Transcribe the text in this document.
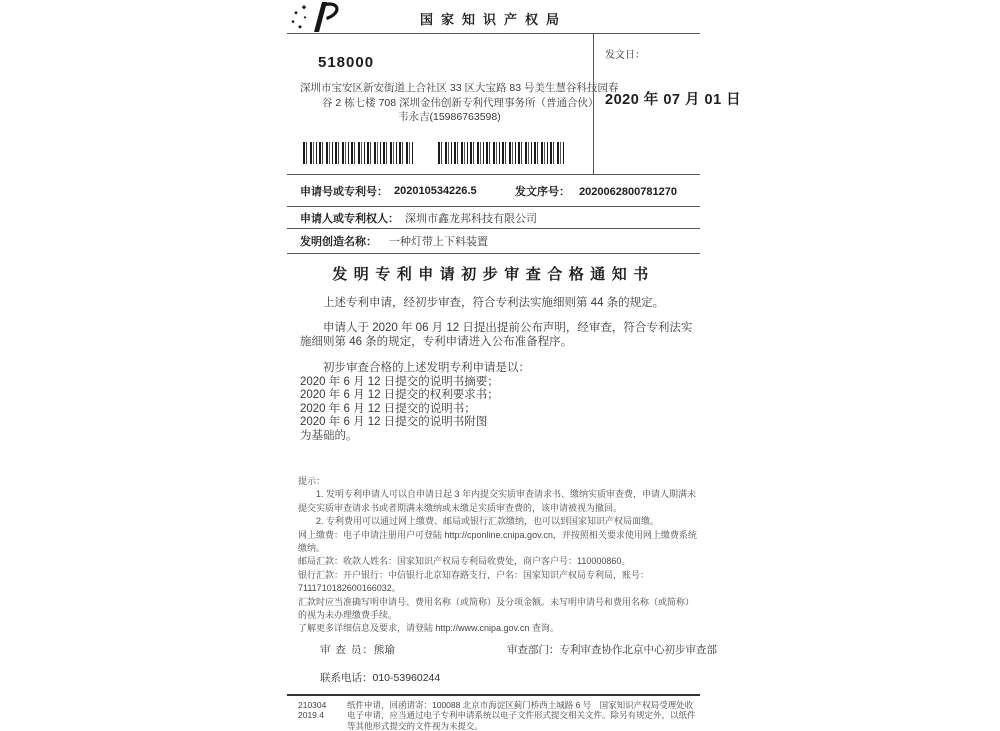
国家知识产权局
518000
深圳市宝安区新安街道上合社区 33 区大宝路 83 号美生慧谷科技园春
谷 2 栋七楼 708 深圳金伟创新专利代理事务所（普通合伙）
韦永吉(15986763598)
发文日：
2020 年 07 月 01 日
申请号或专利号： 202010534226.5	发文序号： 2020062800781270
申请人或专利权人： 深圳市鑫龙邦科技有限公司
发明创造名称： 一种灯带上下料装置
发明专利申请初步审查合格通知书

上述专利申请，经初步审查，符合专利法实施细则第 44 条的规定。

申请人于 2020 年 06 月 12 日提出提前公布声明，经审查，符合专利法实施细则第 46 条的规定，专利申请进入公布准备程序。

初步审查合格的上述发明专利申请是以：
2020 年 6 月 12 日提交的说明书摘要；
2020 年 6 月 12 日提交的权利要求书；
2020 年 6 月 12 日提交的说明书；
2020 年 6 月 12 日提交的说明书附图
为基础的。
提示：
1. 发明专利申请人可以自申请日起 3 年内提交实质审查请求书、缴纳实质审查费，申请人期满未提交实质审查请求书或者期满未缴纳或未缴足实质审查费的，该申请被视为撤回。
2. 专利费用可以通过网上缴费、邮局或银行汇款缴纳，也可以到国家知识产权局面缴。
网上缴费：电子申请注册用户可登陆 http://cponline.cnipa.gov.cn，并按照相关要求使用网上缴费系统缴纳。
邮局汇款：收款人姓名：国家知识产权局专利局收费处，商户客户号：110000860。
银行汇款：开户银行：中信银行北京知春路支行，户名：国家知识产权局专利局，账号：7111710182600166032。
汇款时应当准确写明申请号、费用名称（或简称）及分项金额。未写明申请号和费用名称（或简称）的视为未办理缴费手续。
了解更多详细信息及要求，请登陆 http://www.cnipa.gov.cn 查询。
审 查 员：熊瑜	审查部门：专利审查协作北京中心初步审查部
联系电话：010-53960244
210304	纸件申请，回函请寄：100088 北京市海淀区蓟门桥西土城路 6 号　国家知识产权局受理处收
2019.4	电子申请，应当通过电子专利申请系统以电子文件形式提交相关文件。除另有规定外，以纸件等其他形式提交的文件视为未提交。
